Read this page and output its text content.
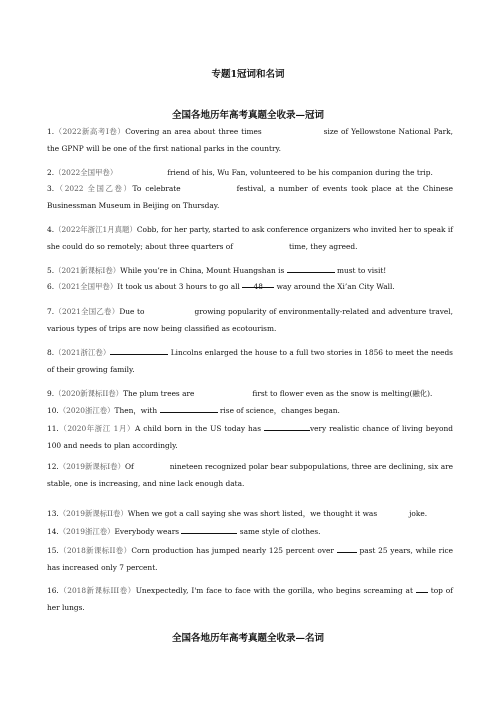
专题1冠词和名词
全国各地历年高考真题全收录—冠词

1.（2022新高考I卷）Covering an area about three times	size of Yellowstone National Park, the GPNP will be one of the first national parks in the country.

2.（2022全国甲卷）	friend of his, Wu Fan, volunteered to be his companion during the trip.

3.（2022 全国乙卷）To celebrate	festival, a number of events took place at the Chinese Businessman Museum in Beijing on Thursday.

4.（2022年浙江1月真题）Cobb, for her party, started to ask conference organizers who invited her to speak if she could do so remotely; about three quarters of	time, they agreed.

5.（2021新课标I卷）While you’re in China, Mount Huangshan is	must to visit!

6.（2021全国甲卷）It took us about 3 hours to go all 48 way around the Xi’an City Wall.

7.（2021全国乙卷）Due to	growing popularity of environmentally-related and adventure travel, various types of trips are now being classified as ecotourism.

8.（2021浙江卷）	Lincolns enlarged the house to a full two stories in 1856 to meet the needs of their growing family.

9.（2020新课标II卷）The plum trees are	first to flower even as the snow is melting(融化).

10.（2020浙江卷）Then，with	rise of science，changes began.

11.（2020年浙江 1月）A child born in the US today has	very realistic chance of living beyond 100 and needs to plan accordingly.

12.（2019新课标I卷）Of	nineteen recognized polar bear subpopulations, three are declining, six are stable, one is increasing, and nine lack enough data.

13.（2019新课标II卷）When we got a call saying she was short listed，we thought it was	joke.

14.（2019浙江卷）Everybody wears	same style of clothes.

15.（2018新课标II卷）Corn production has jumped nearly 125 percent over	past 25 years, while rice has increased only 7 percent.

16.（2018新课标III卷）Unexpectedly, I'm face to face with the gorilla, who begins screaming at top of her lungs.

全国各地历年高考真题全收录—名词
